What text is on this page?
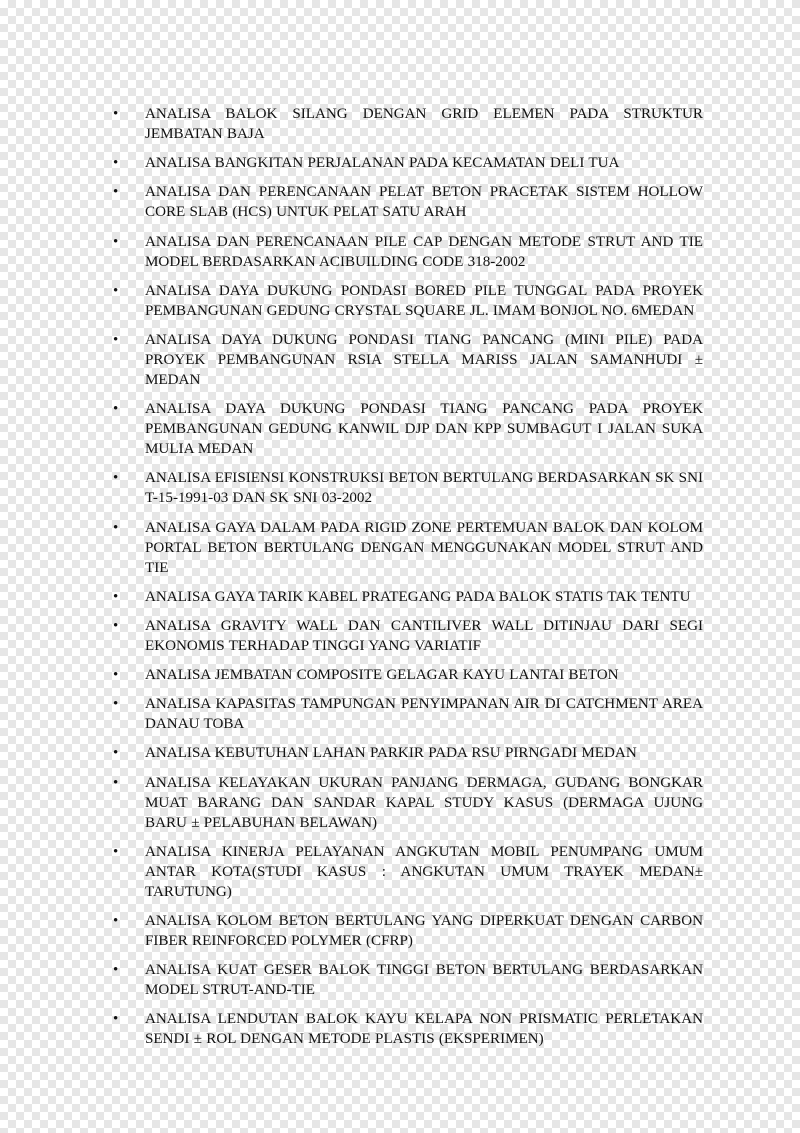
•	ANALISA BALOK SILANG DENGAN GRID ELEMEN PADA STRUKTUR JEMBATAN BAJA
•	ANALISA BANGKITAN PERJALANAN PADA KECAMATAN DELI TUA
•	ANALISA DAN PERENCANAAN PELAT BETON PRACETAK SISTEM HOLLOW CORE SLAB (HCS) UNTUK PELAT SATU ARAH
•	ANALISA DAN PERENCANAAN PILE CAP DENGAN METODE STRUT AND TIE MODEL BERDASARKAN ACIBUILDING CODE 318-2002
•	ANALISA DAYA DUKUNG PONDASI BORED PILE TUNGGAL PADA PROYEK PEMBANGUNAN GEDUNG CRYSTAL SQUARE JL. IMAM BONJOL NO. 6MEDAN
•	ANALISA DAYA DUKUNG PONDASI TIANG PANCANG (MINI PILE) PADA PROYEK PEMBANGUNAN RSIA STELLA MARISS JALAN SAMANHUDI ± MEDAN
•	ANALISA DAYA DUKUNG PONDASI TIANG PANCANG PADA PROYEK PEMBANGUNAN GEDUNG KANWIL DJP DAN KPP SUMBAGUT I JALAN SUKA MULIA MEDAN
•	ANALISA EFISIENSI KONSTRUKSI BETON BERTULANG BERDASARKAN SK SNI T-15-1991-03 DAN SK SNI 03-2002
•	ANALISA GAYA DALAM PADA RIGID ZONE PERTEMUAN BALOK DAN KOLOM PORTAL BETON BERTULANG DENGAN MENGGUNAKAN MODEL STRUT AND TIE
•	ANALISA GAYA TARIK KABEL PRATEGANG PADA BALOK STATIS TAK TENTU
•	ANALISA GRAVITY WALL DAN CANTILIVER WALL DITINJAU DARI SEGI EKONOMIS TERHADAP TINGGI YANG VARIATIF
•	ANALISA JEMBATAN COMPOSITE GELAGAR KAYU LANTAI BETON
•	ANALISA KAPASITAS TAMPUNGAN PENYIMPANAN AIR DI CATCHMENT AREA DANAU TOBA
•	ANALISA KEBUTUHAN LAHAN PARKIR PADA RSU PIRNGADI MEDAN
•	ANALISA KELAYAKAN UKURAN PANJANG DERMAGA, GUDANG BONGKAR MUAT BARANG DAN SANDAR KAPAL STUDY KASUS (DERMAGA UJUNG BARU ± PELABUHAN BELAWAN)
•	ANALISA KINERJA PELAYANAN ANGKUTAN MOBIL PENUMPANG UMUM ANTAR KOTA(STUDI KASUS : ANGKUTAN UMUM TRAYEK MEDAN± TARUTUNG)
•	ANALISA KOLOM BETON BERTULANG YANG DIPERKUAT DENGAN CARBON FIBER REINFORCED POLYMER (CFRP)
•	ANALISA KUAT GESER BALOK TINGGI BETON BERTULANG BERDASARKAN MODEL STRUT-AND-TIE
•	ANALISA LENDUTAN BALOK KAYU KELAPA NON PRISMATIC PERLETAKAN SENDI ± ROL DENGAN METODE PLASTIS (EKSPERIMEN)
